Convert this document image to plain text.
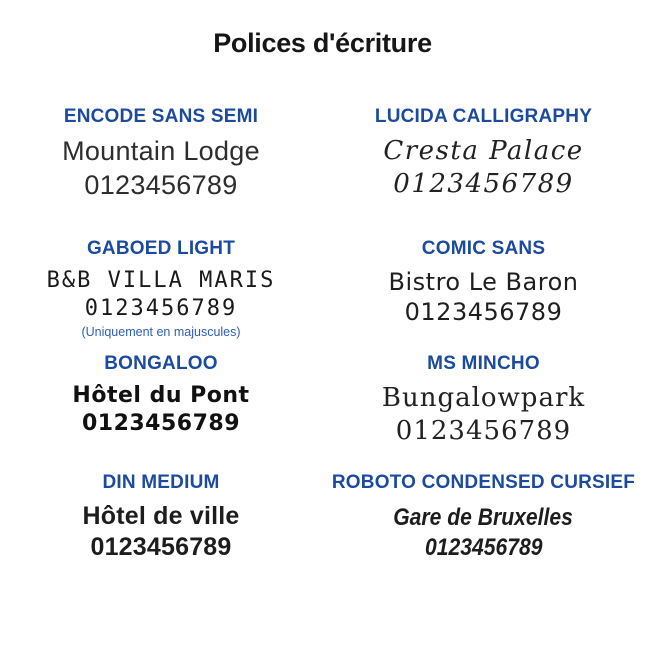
Polices d'écriture
ENCODE SANS SEMI
Mountain Lodge
0123456789
LUCIDA CALLIGRAPHY
Cresta Palace
0123456789
GABOED LIGHT
B&B VILLA MARIS
0123456789
(Uniquement en majuscules)
COMIC SANS
Bistro Le Baron
0123456789
BONGALOO
Hôtel du Pont
0123456789
MS MINCHO
Bungalowpark
0123456789
DIN MEDIUM
Hôtel de ville
0123456789
ROBOTO CONDENSED CURSIEF
Gare de Bruxelles
0123456789
